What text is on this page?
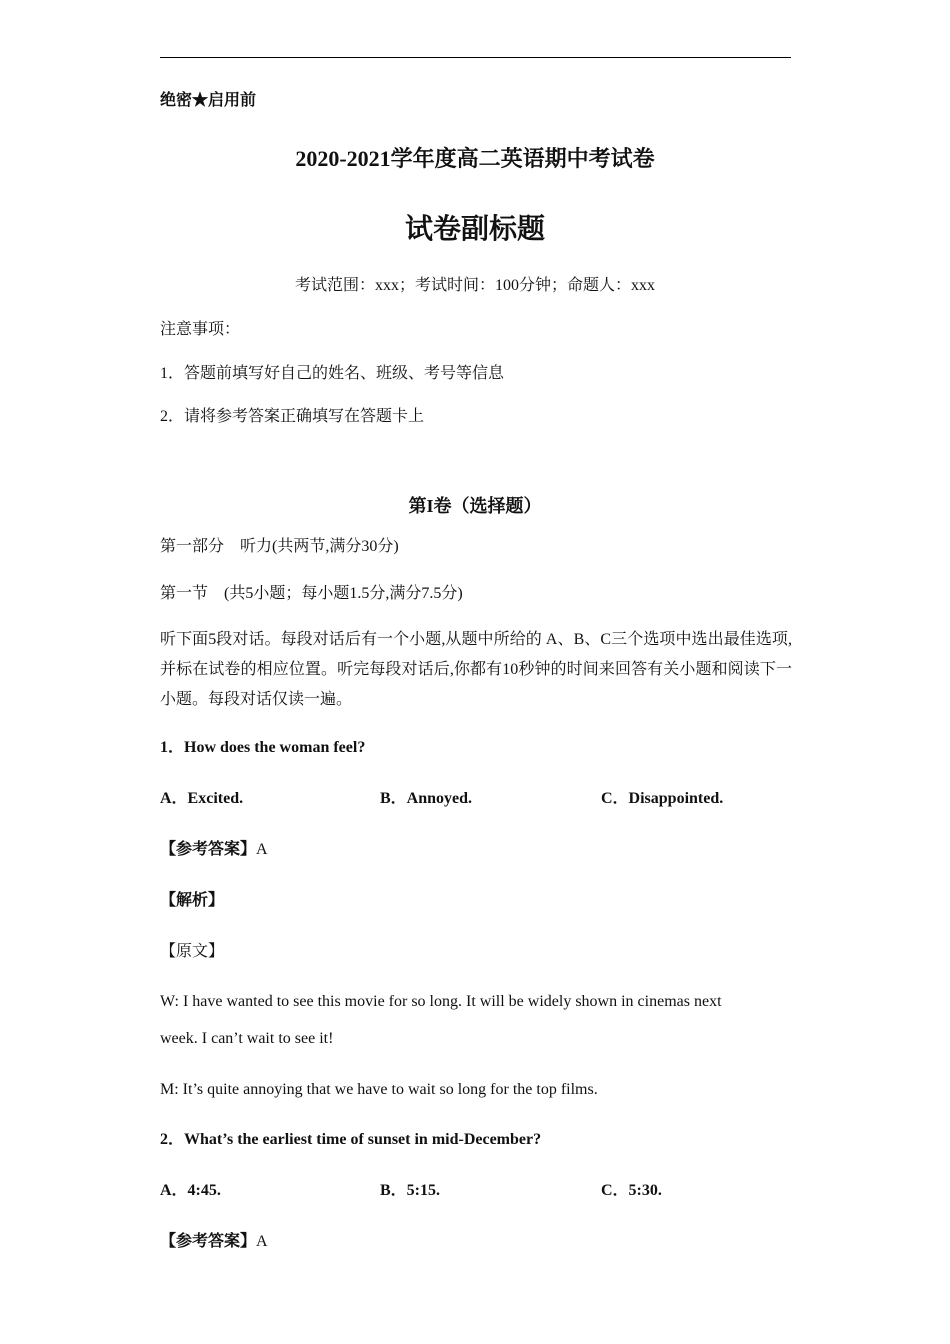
绝密★启用前
2020-2021学年度高二英语期中考试卷
试卷副标题
考试范围：xxx；考试时间：100分钟；命题人：xxx
注意事项：
1．答题前填写好自己的姓名、班级、考号等信息
2．请将参考答案正确填写在答题卡上
第I卷（选择题）
第一部分　听力(共两节,满分30分)
第一节　(共5小题；每小题1.5分,满分7.5分)
听下面5段对话。每段对话后有一个小题,从题中所给的 A、B、C三个选项中选出最佳选项,并标在试卷的相应位置。听完每段对话后,你都有10秒钟的时间来回答有关小题和阅读下一小题。每段对话仅读一遍。
1．How does the woman feel?
A．Excited.	B．Annoyed.	C．Disappointed.
【参考答案】A
【解析】
【原文】
W: I have wanted to see this movie for so long. It will be widely shown in cinemas next
week. I can’t wait to see it!
M: It’s quite annoying that we have to wait so long for the top films.
2．What’s the earliest time of sunset in mid-December?
A．4:45.	B．5:15.	C．5:30.
【参考答案】A
